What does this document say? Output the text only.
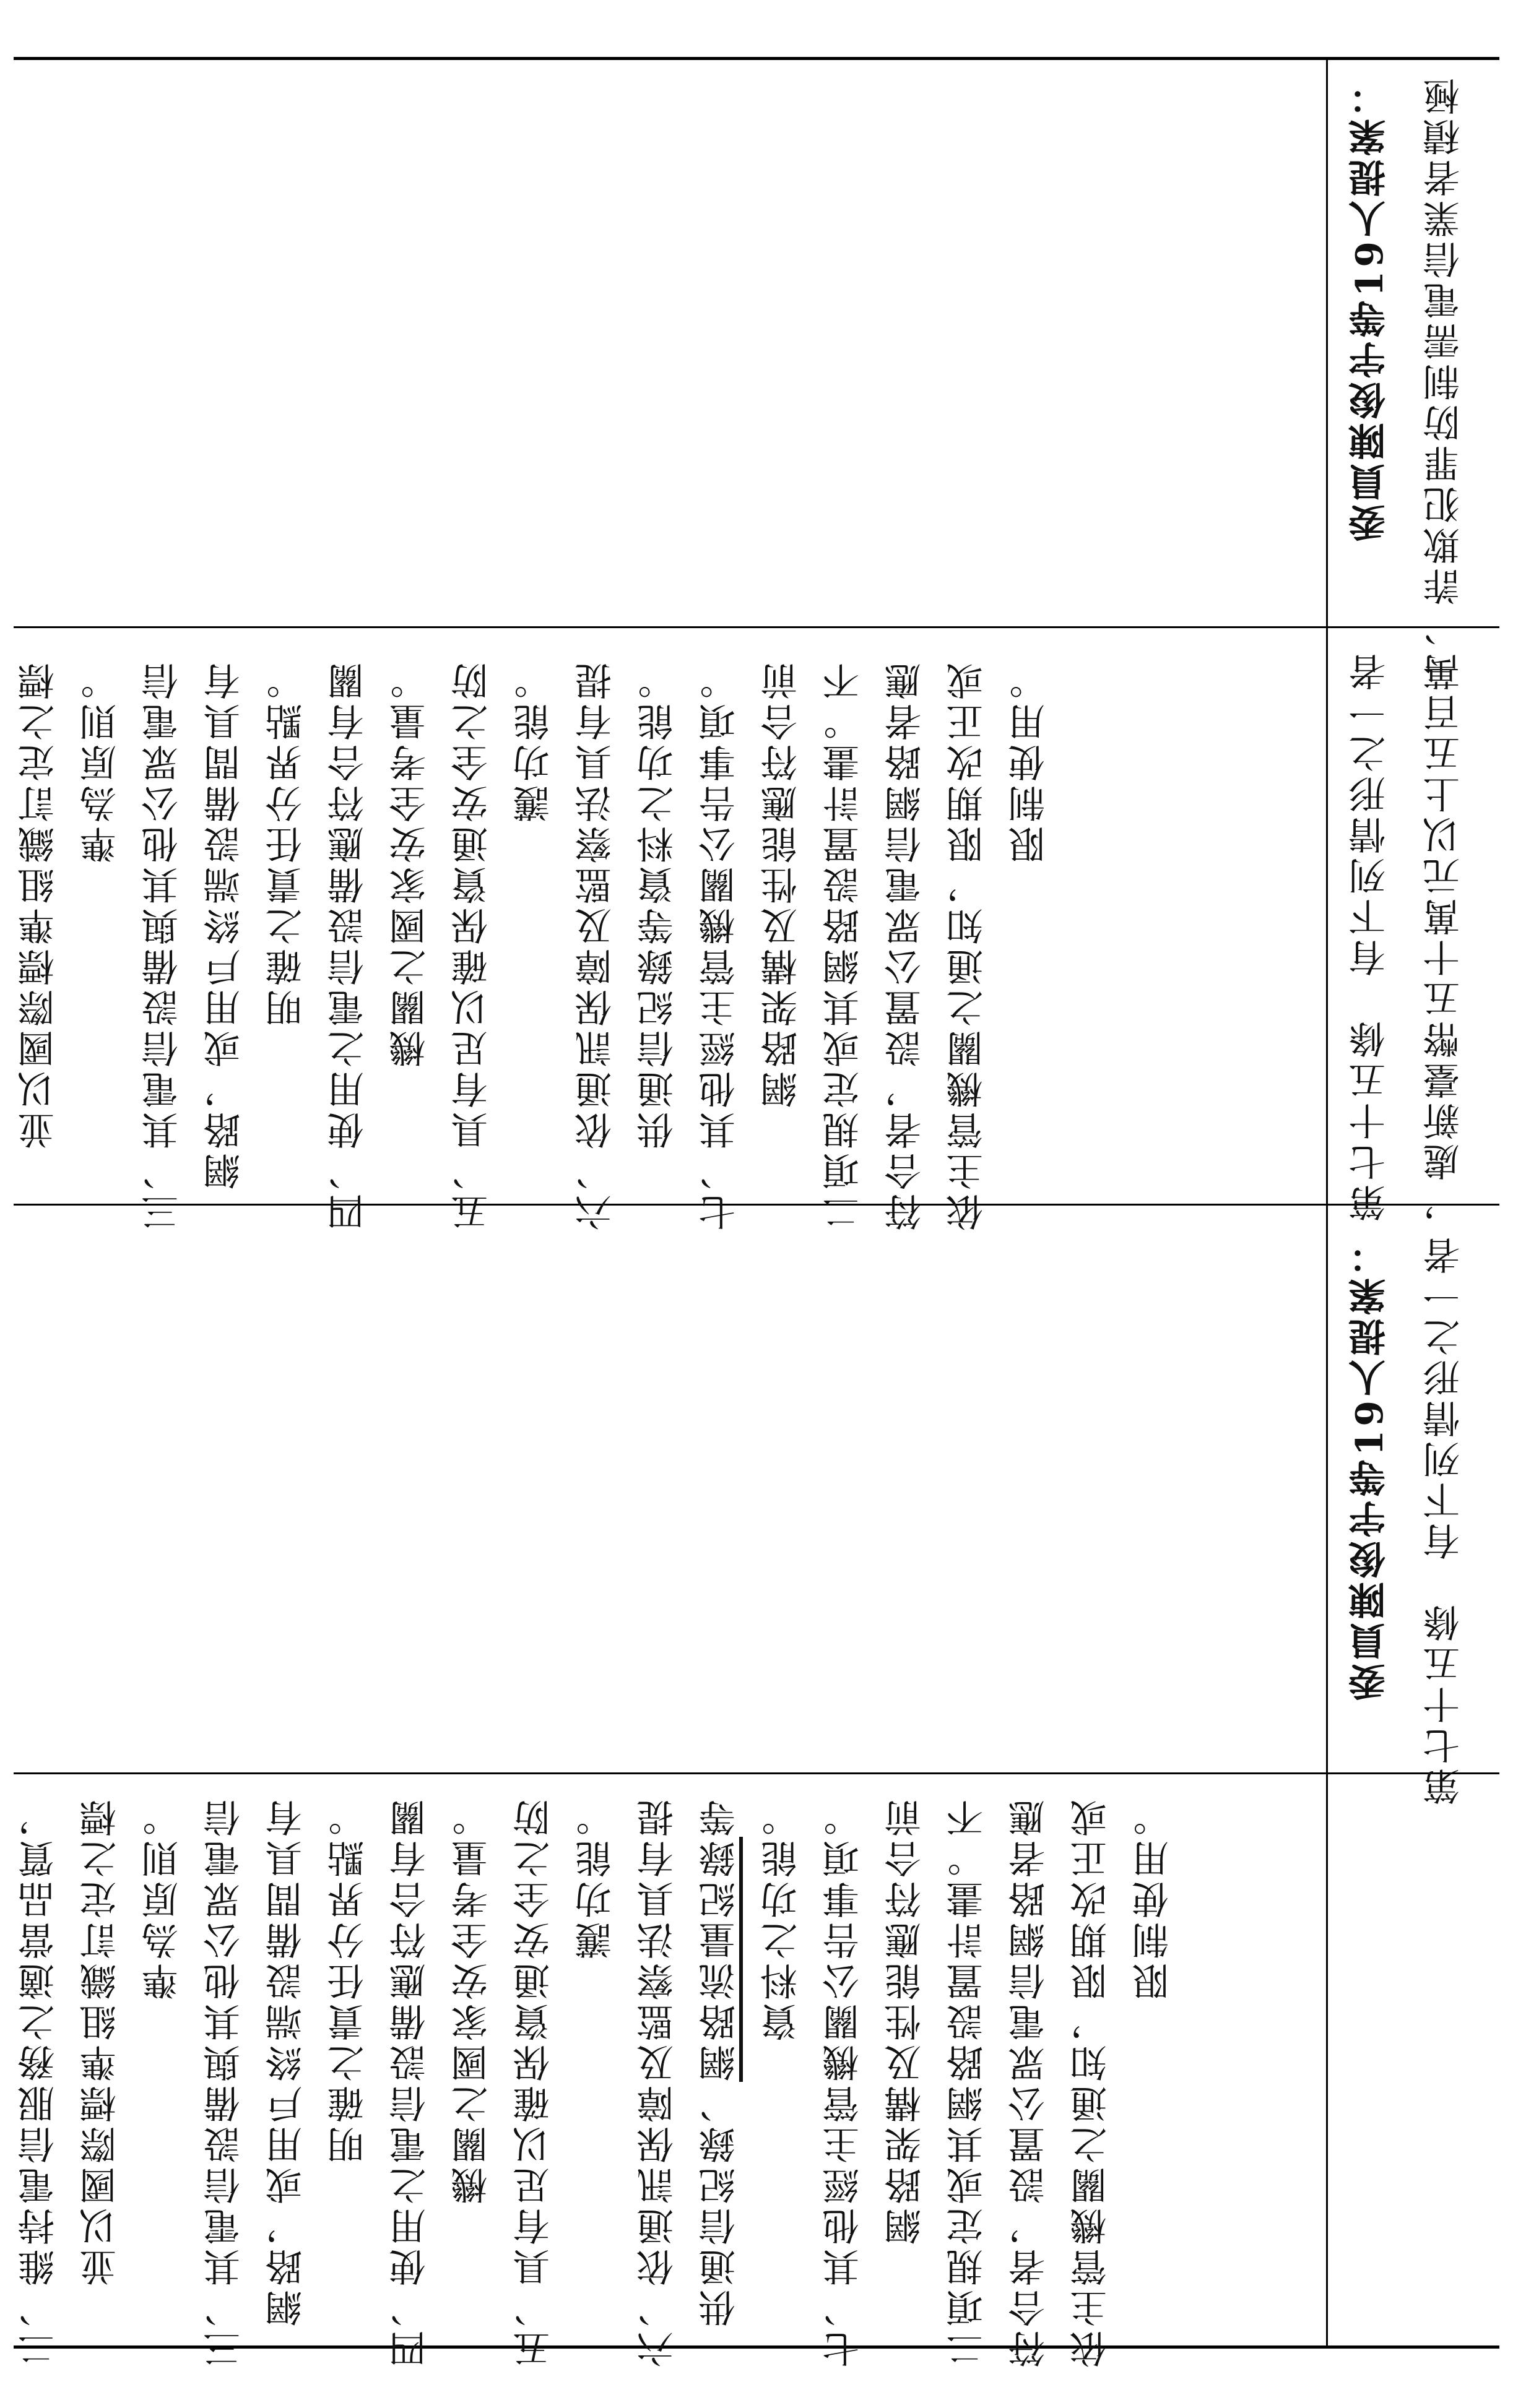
委員陳俊宇等19人提案： 一、詐欺犯罪防制需電信業者積極
第七十五條　有下列情形之一者 ，處新臺幣五十萬元以上五百萬
委員陳俊宇等19人提案： 第七十五條　有下列情形之一者
並以國際標準組織訂定之標 準為原則。 三、其電信設備與其他公眾電信 網路，或用戶終端設備間具有 明確之責任分界點。 四、使用之電信設備應符合有關 機關之國家安全考量。 五、具有足以確保資通安全之防 護功能。 六、依通訊保障及監察法具有提 供通信紀錄等資料之功能。 七、其他經主管機關公告事項。 網路架構及性能應符合前 二項規定或其網路設置計畫。不 符合者，設置公眾電信網路者應 依主管機關之通知，限期改正或 限制使用。
二、維持電信服務之適當品質， 並以國際標準組織訂定之標 準為原則。 三、其電信設備與其他公眾電信 網路，或用戶終端設備間具有 明確之責任分界點。 四、使用之電信設備應符合有關 機關之國家安全考量。 五、具有足以確保資通安全之防 護功能。 六、依通訊保障及監察法具有提 供通信紀錄、網路流量紀錄等 資料之功能。 七、其他經主管機關公告事項。 網路架構及性能應符合前 二項規定或其網路設置計畫。不 符合者，設置公眾電信網路者應 依主管機關之通知，限期改正或 限制使用。
